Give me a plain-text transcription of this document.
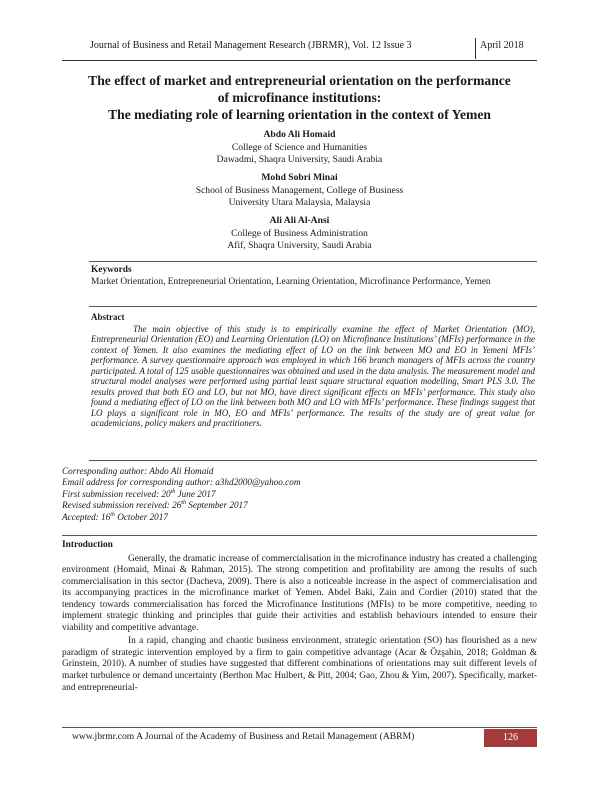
Journal of Business and Retail Management Research (JBRMR), Vol. 12 Issue 3	April 2018
The effect of market and entrepreneurial orientation on the performance
of microfinance institutions:
The mediating role of learning orientation in the context of Yemen
Abdo Ali Homaid
College of Science and Humanities
Dawadmi, Shaqra University, Saudi Arabia
Mohd Sobri Minai
School of Business Management, College of Business
University Utara Malaysia, Malaysia
Ali Ali Al-Ansi
College of Business Administration
Afif, Shaqra University, Saudi Arabia
Keywords
Market Orientation, Entrepreneurial Orientation, Learning Orientation, Microfinance Performance, Yemen
Abstract
The main objective of this study is to empirically examine the effect of Market Orientation (MO), Entrepreneurial Orientation (EO) and Learning Orientation (LO) on Microfinance Institutions’ (MFIs) performance in the context of Yemen. It also examines the mediating effect of LO on the link between MO and EO in Yemeni MFIs’ performance. A survey questionnaire approach was employed in which 166 branch managers of MFIs across the country participated. A total of 125 usable questionnaires was obtained and used in the data analysis. The measurement model and structural model analyses were performed using partial least square structural equation modelling, Smart PLS 3.0. The results proved that both EO and LO, but not MO, have direct significant effects on MFIs’ performance. This study also found a mediating effect of LO on the link between both MO and LO with MFIs’ performance. These findings suggest that LO plays a significant role in MO, EO and MFIs’ performance. The results of the study are of great value for academicians, policy makers and practitioners.
Corresponding author: Abdo Ali Homaid
Email address for corresponding author: a3hd2000@yahoo.com
First submission received: 20th June 2017
Revised submission received: 26th September 2017
Accepted: 16th October 2017
Introduction

Generally, the dramatic increase of commercialisation in the microfinance industry has created a challenging environment (Homaid, Minai & Rahman, 2015). The strong competition and profitability are among the results of such commercialisation in this sector (Dacheva, 2009). There is also a noticeable increase in the aspect of commercialisation and its accompanying practices in the microfinance market of Yemen. Abdel Baki, Zain and Cordier (2010) stated that the tendency towards commercialisation has forced the Microfinance Institutions (MFIs) to be more competitive, needing to implement strategic thinking and principles that guide their activities and establish behaviours intended to ensure their viability and competitive advantage.

In a rapid, changing and chaotic business environment, strategic orientation (SO) has flourished as a new paradigm of strategic intervention employed by a firm to gain competitive advantage (Acar & Özşahin, 2018; Goldman & Grinstein, 2010). A number of studies have suggested that different combinations of orientations may suit different levels of market turbulence or demand uncertainty (Berthon Mac Hulbert, & Pitt, 2004; Gao, Zhou & Yim, 2007). Specifically, market- and entrepreneurial-

www.jbrmr.com A Journal of the Academy of Business and Retail Management (ABRM)	126
